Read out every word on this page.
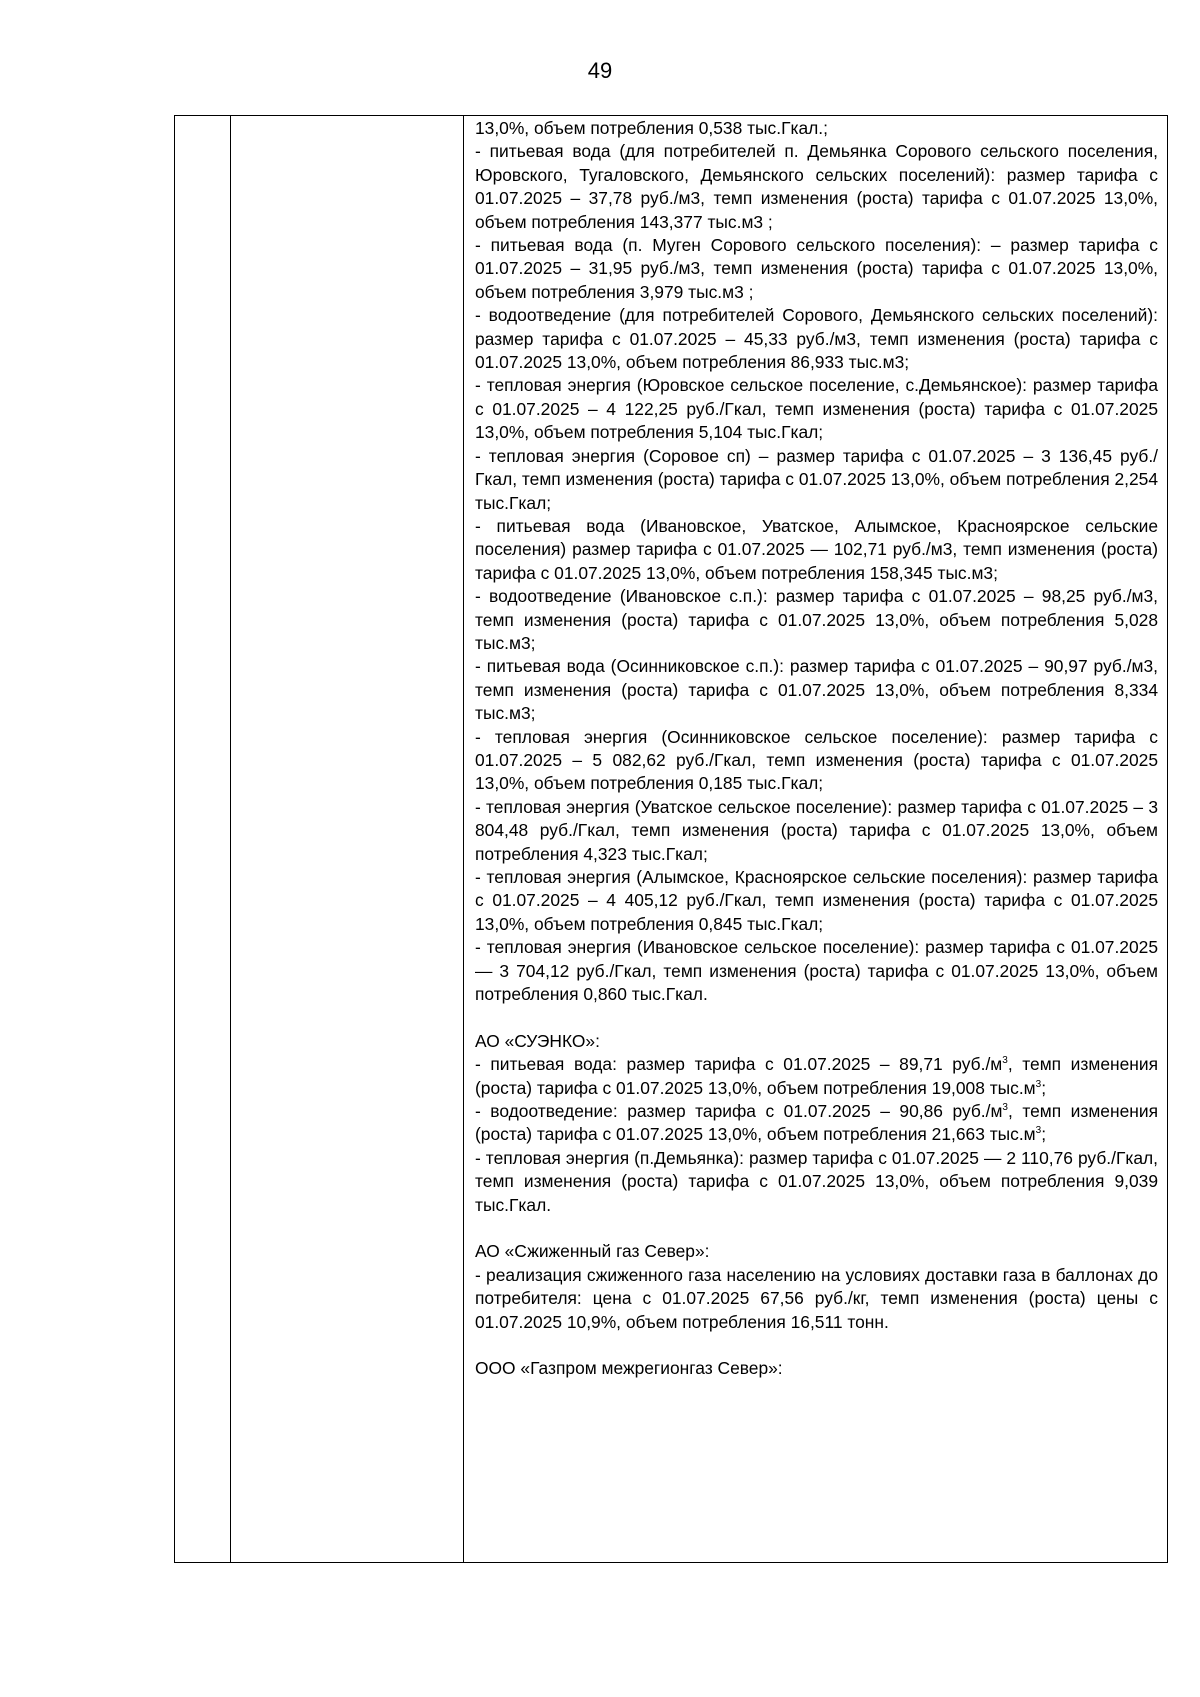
49

13,0%, объем потребления 0,538 тыс.Гкал.;

- питьевая вода (для потребителей п. Демьянка Сорового сельского поселения, Юровского, Тугаловского, Демьянского сельских поселений): размер тарифа с 01.07.2025 – 37,78 руб./м3, темп изменения (роста) тарифа с 01.07.2025 13,0%, объем потребления 143,377 тыс.м3 ;

- питьевая вода (п. Муген Сорового сельского поселения): – размер тарифа с 01.07.2025 – 31,95 руб./м3, темп изменения (роста) тарифа с 01.07.2025 13,0%, объем потребления 3,979 тыс.м3 ;

- водоотведение (для потребителей Сорового, Демьянского сельских поселений): размер тарифа с 01.07.2025 – 45,33 руб./м3, темп изменения (роста) тарифа с 01.07.2025 13,0%, объем потребления 86,933 тыс.м3;

- тепловая энергия (Юровское сельское поселение, с.Демьянское): размер тарифа с 01.07.2025 – 4 122,25 руб./Гкал, темп изменения (роста) тарифа с 01.07.2025 13,0%, объем потребления 5,104 тыс.Гкал;

- тепловая энергия (Соровое сп) – размер тарифа с 01.07.2025 – 3 136,45 руб./Гкал, темп изменения (роста) тарифа с 01.07.2025 13,0%, объем потребления 2,254 тыс.Гкал;

- питьевая вода (Ивановское, Уватское, Алымское, Красноярское сельские поселения) размер тарифа с 01.07.2025 — 102,71 руб./м3, темп изменения (роста) тарифа с 01.07.2025 13,0%, объем потребления 158,345 тыс.м3;

- водоотведение (Ивановское с.п.): размер тарифа с 01.07.2025 – 98,25 руб./м3, темп изменения (роста) тарифа с 01.07.2025 13,0%, объем потребления 5,028 тыс.м3;

- питьевая вода (Осинниковское с.п.): размер тарифа с 01.07.2025 – 90,97 руб./м3, темп изменения (роста) тарифа с 01.07.2025 13,0%, объем потребления 8,334 тыс.м3;

- тепловая энергия (Осинниковское сельское поселение): размер тарифа с 01.07.2025 – 5 082,62 руб./Гкал, темп изменения (роста) тарифа с 01.07.2025 13,0%, объем потребления 0,185 тыс.Гкал;

- тепловая энергия (Уватское сельское поселение): размер тарифа с 01.07.2025 – 3 804,48 руб./Гкал, темп изменения (роста) тарифа с 01.07.2025 13,0%, объем потребления 4,323 тыс.Гкал;

- тепловая энергия (Алымское, Красноярское сельские поселения): размер тарифа с 01.07.2025 – 4 405,12 руб./Гкал, темп изменения (роста) тарифа с 01.07.2025 13,0%, объем потребления 0,845 тыс.Гкал;

- тепловая энергия (Ивановское сельское поселение): размер тарифа с 01.07.2025 — 3 704,12 руб./Гкал, темп изменения (роста) тарифа с 01.07.2025 13,0%, объем потребления 0,860 тыс.Гкал.

АО «СУЭНКО»:

- питьевая вода: размер тарифа с 01.07.2025 – 89,71 $руб./м^3$, темп изменения (роста) тарифа с 01.07.2025 13,0%, объем потребления 19,008 $тыс.м^3$;

- водоотведение: размер тарифа с 01.07.2025 – 90,86 $руб./м^3$, темп изменения (роста) тарифа с 01.07.2025 13,0%, объем потребления 21,663 $тыс.м^3$;

- тепловая энергия (п.Демьянка): размер тарифа с 01.07.2025 — 2 110,76 руб./Гкал, темп изменения (роста) тарифа с 01.07.2025 13,0%, объем потребления 9,039 тыс.Гкал.

АО «Сжиженный газ Север»:

- реализация сжиженного газа населению на условиях доставки газа в баллонах до потребителя: цена с 01.07.2025 67,56 руб./кг, темп изменения (роста) цены с 01.07.2025 10,9%, объем потребления 16,511 тонн.

ООО «Газпром межрегионгаз Север»:
